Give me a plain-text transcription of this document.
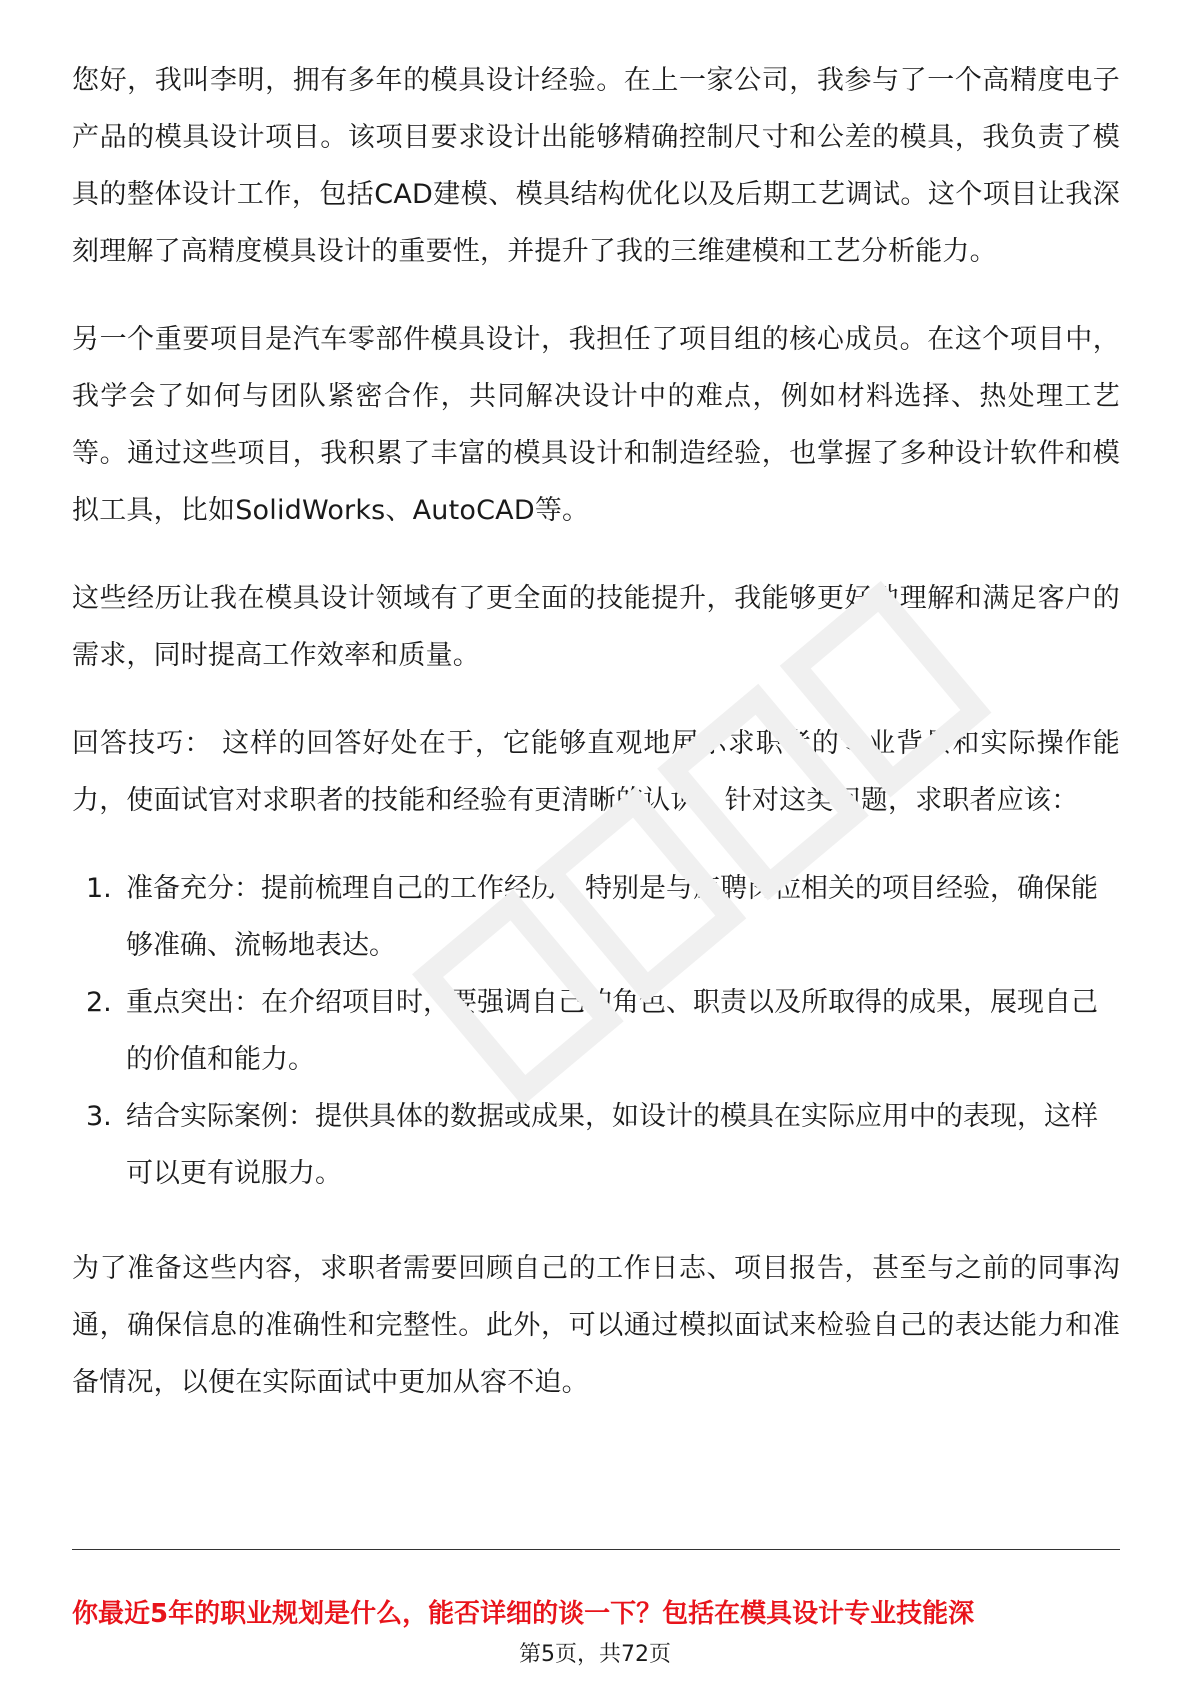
您好，我叫李明，拥有多年的模具设计经验。在上一家公司，我参与了一个高精度电子产品的模具设计项目。该项目要求设计出能够精确控制尺寸和公差的模具，我负责了模具的整体设计工作，包括CAD建模、模具结构优化以及后期工艺调试。这个项目让我深刻理解了高精度模具设计的重要性，并提升了我的三维建模和工艺分析能力。

另一个重要项目是汽车零部件模具设计，我担任了项目组的核心成员。在这个项目中，我学会了如何与团队紧密合作，共同解决设计中的难点，例如材料选择、热处理工艺等。通过这些项目，我积累了丰富的模具设计和制造经验，也掌握了多种设计软件和模拟工具，比如SolidWorks、AutoCAD等。

这些经历让我在模具设计领域有了更全面的技能提升，我能够更好地理解和满足客户的需求，同时提高工作效率和质量。

回答技巧： 这样的回答好处在于，它能够直观地展示求职者的专业背景和实际操作能力，使面试官对求职者的技能和经验有更清晰的认识。针对这类问题，求职者应该：

1. 准备充分：提前梳理自己的工作经历，特别是与应聘岗位相关的项目经验，确保能够准确、流畅地表达。
2. 重点突出：在介绍项目时，要强调自己的角色、职责以及所取得的成果，展现自己的价值和能力。
3. 结合实际案例：提供具体的数据或成果，如设计的模具在实际应用中的表现，这样可以更有说服力。

为了准备这些内容，求职者需要回顾自己的工作日志、项目报告，甚至与之前的同事沟通，确保信息的准确性和完整性。此外，可以通过模拟面试来检验自己的表达能力和准备情况，以便在实际面试中更加从容不迫。

你最近5年的职业规划是什么，能否详细的谈一下？包括在模具设计专业技能深
第5页，共72页
